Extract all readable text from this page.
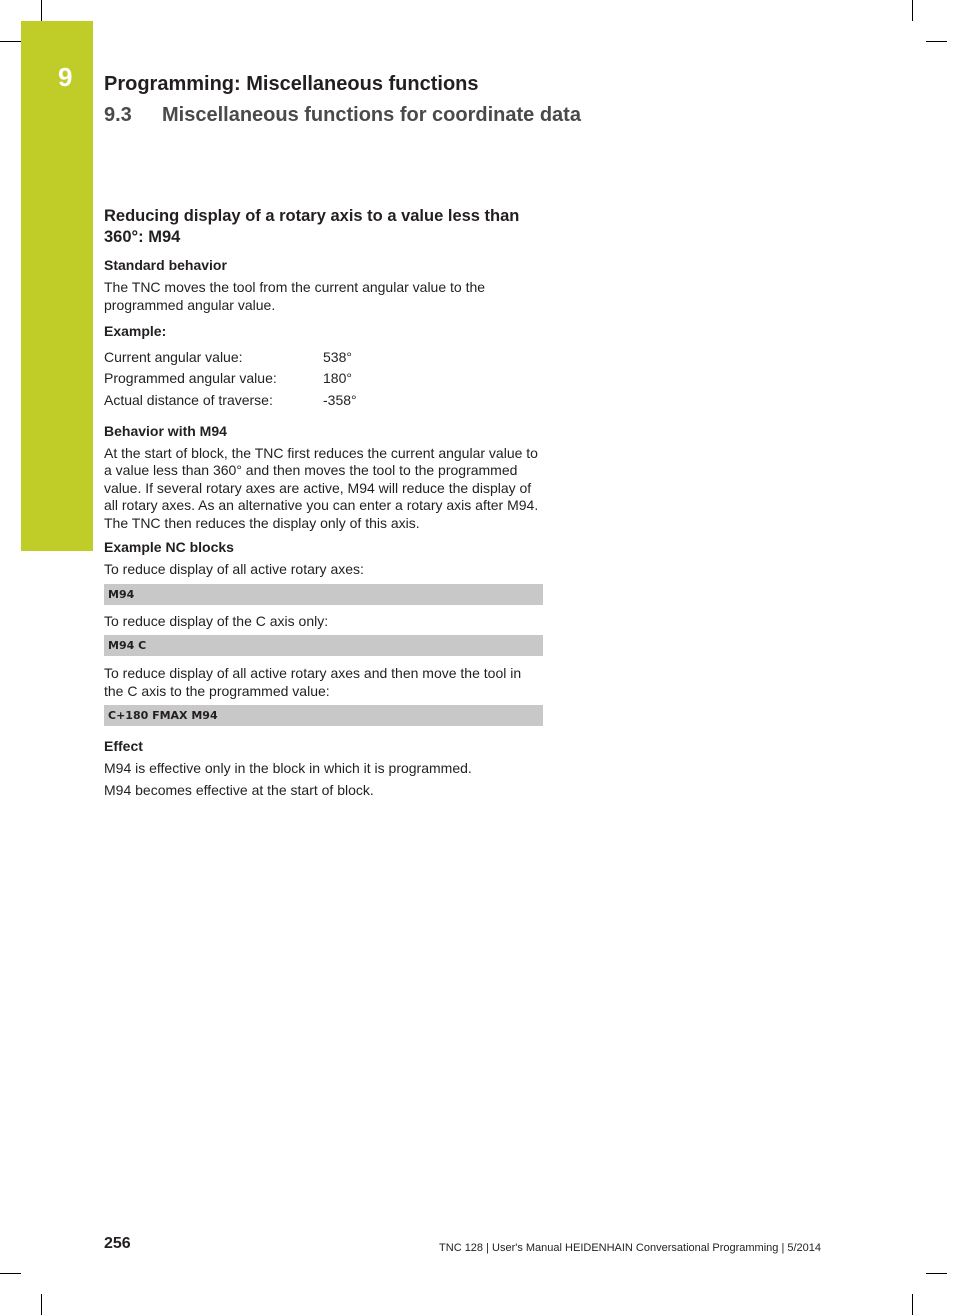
9 Programming: Miscellaneous functions
9.3 Miscellaneous functions for coordinate data
Reducing display of a rotary axis to a value less than
360°: M94
Standard behavior
The TNC moves the tool from the current angular value to the programmed angular value.
Example:
Current angular value:	538°
Programmed angular value:	180°
Actual distance of traverse:	-358°
Behavior with M94
At the start of block, the TNC first reduces the current angular value to a value less than 360° and then moves the tool to the programmed value. If several rotary axes are active, M94 will reduce the display of all rotary axes. As an alternative you can enter a rotary axis after M94. The TNC then reduces the display only of this axis.
Example NC blocks
To reduce display of all active rotary axes:
M94
To reduce display of the C axis only:
M94 C
To reduce display of all active rotary axes and then move the tool in the C axis to the programmed value:
C+180 FMAX M94
Effect
M94 is effective only in the block in which it is programmed.
M94 becomes effective at the start of block.
256	TNC 128 | User's Manual HEIDENHAIN Conversational Programming | 5/2014
